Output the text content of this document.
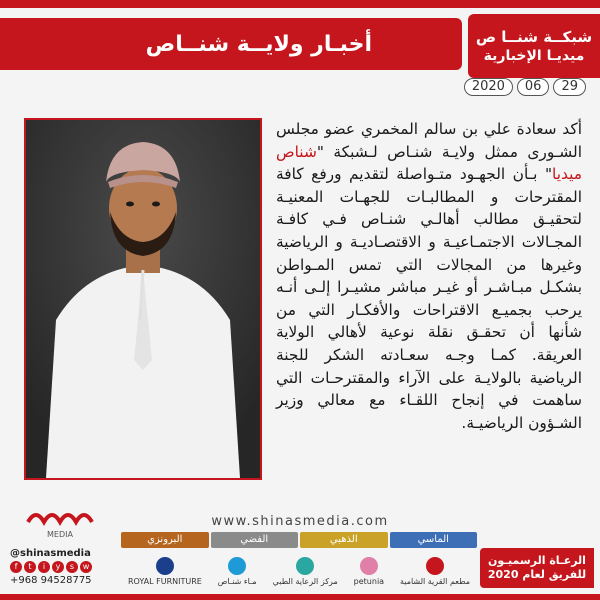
أخبـار ولايــة شنــاص	شبكــة شنــا ص
ميديـا الإخبارية
2020	06	29
أكد سعادة علي بن سالم المخمري عضو مجلس الشـورى ممثل ولايـة شنـاص لـشبكة "شناص ميديا" بـأن الجهـود متـواصلة لتقديم ورفع كافة المقترحات و المطالبـات للجهـات المعنيـة لتحقيـق مطالب أهالـي شنـاص فـي كافـة المجـالات الاجتمـاعيـة و الاقتصـاديـة و الرياضية وغيرها من المجالات التي تمس المـواطن بشكـل مبـاشـر أو غيـر مباشر مشيـرا إلـى أنـه يرحب بجميـع الاقتراحات والأفكـار التي من شأنها أن تحقـق نقلة نوعية لأهالي الولاية العريقة. كمـا وجـه سعـادته الشكر للجنة الرياضية بالولايـة على الآراء والمقترحـات التي ساهمت في إنجاح اللقـاء مع معالي وزير الشـؤون الرياضيـة.
MEDIA
www.shinasmedia.com
البرونزي	الفضي	الذهبي	الماسي
@shinasmedia
f	t	i	y	s	w
+968 94528775	ROYAL FURNITURE مـاء شنـاص مركز الرعاية الطبي petunia مطعم القرية الشامية
الرعـاة الرسميـون
للفريق لعام 2020
